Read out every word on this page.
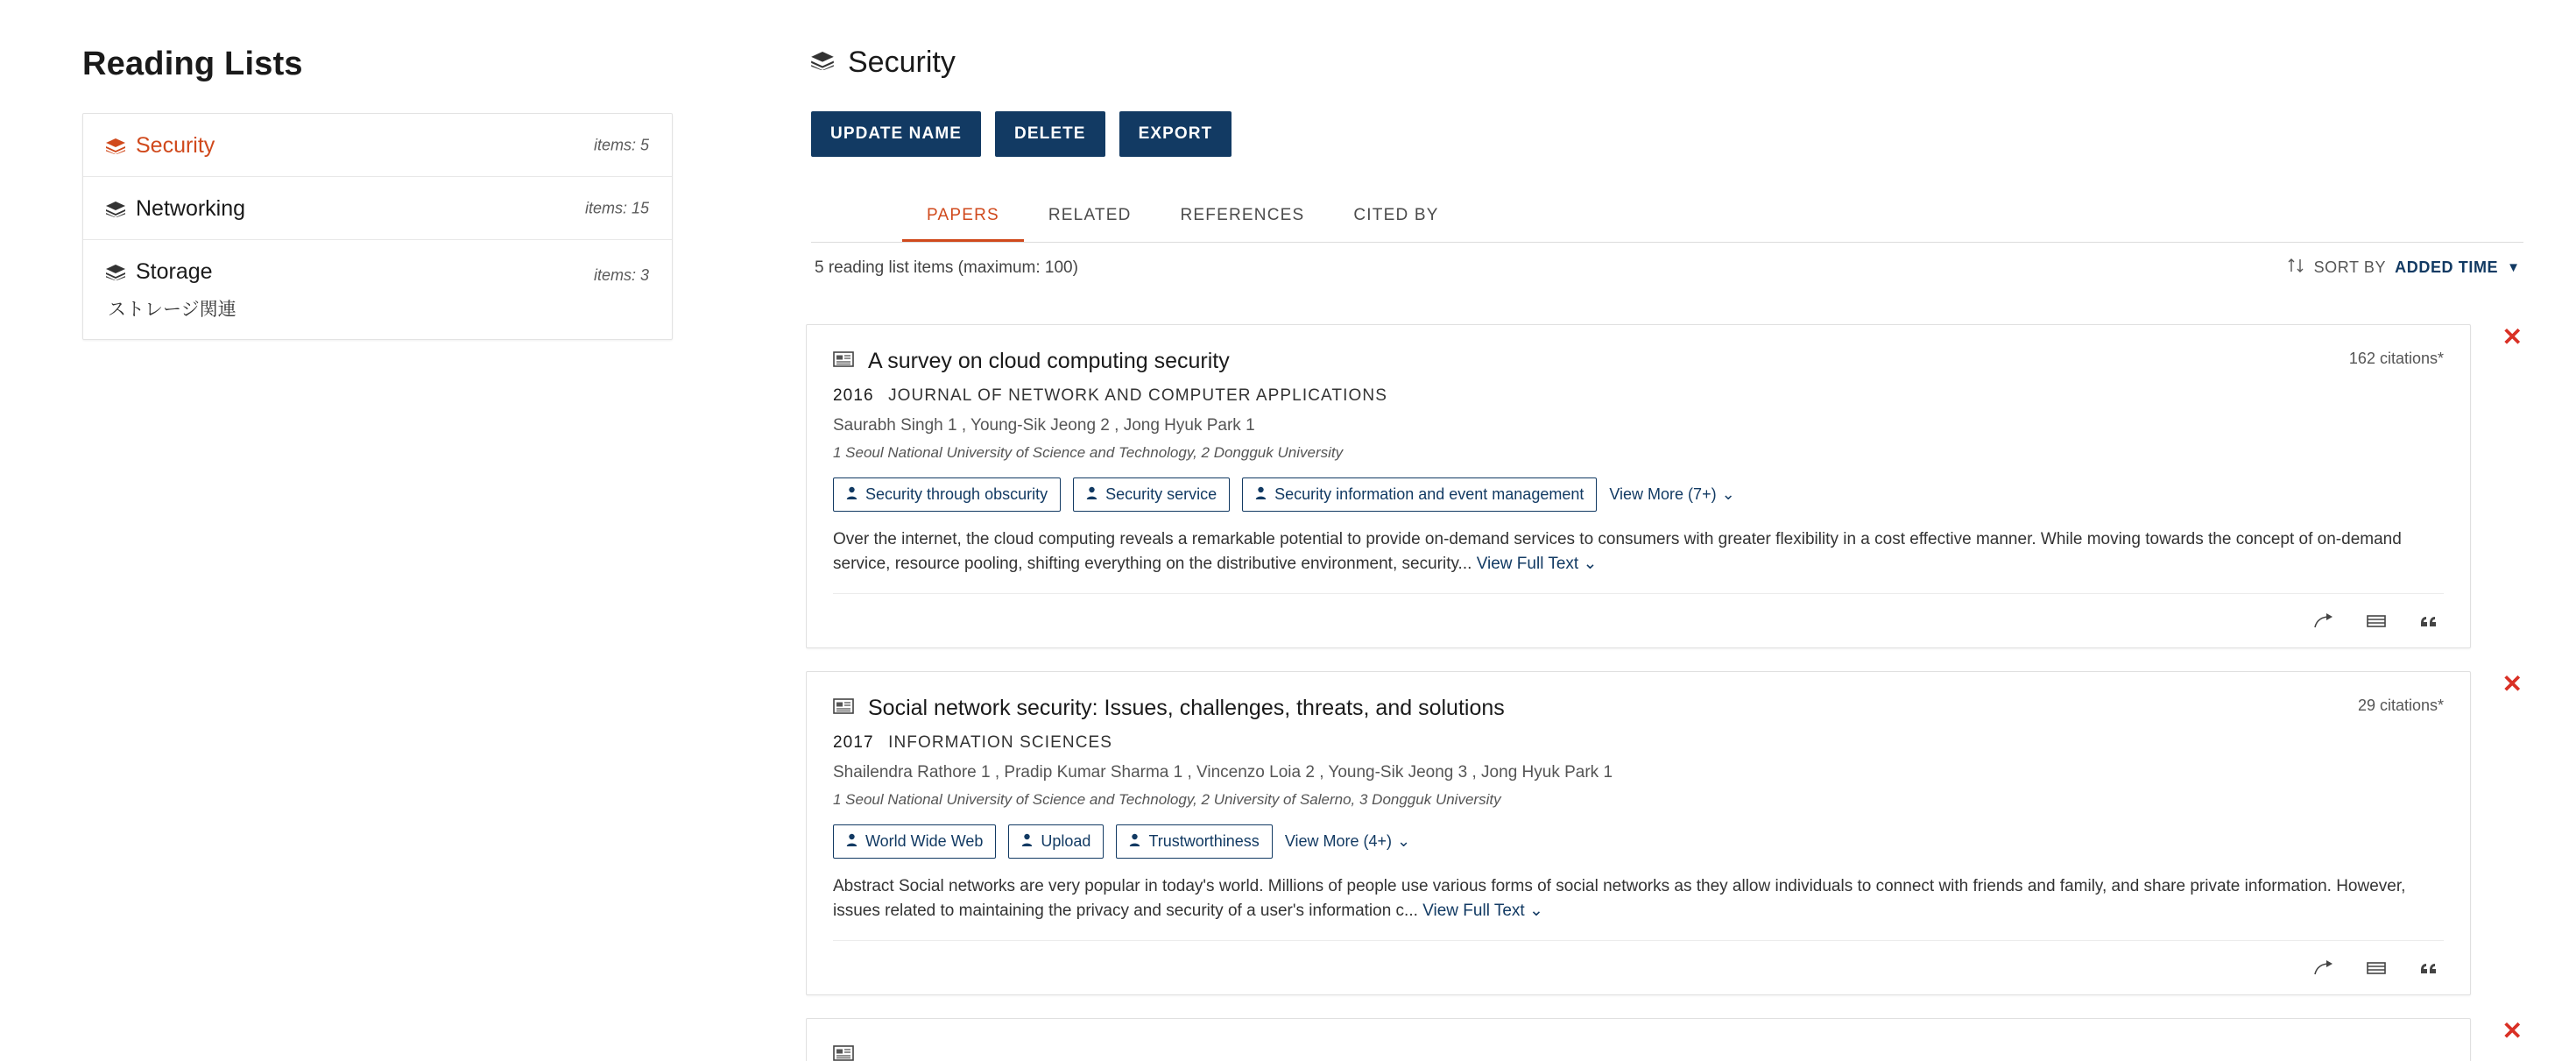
Reading Lists
Security	items: 5
Networking	items: 15
Storage	items: 3
ストレージ関連
Security
UPDATE NAME	DELETE	EXPORT
PAPERS	RELATED	REFERENCES	CITED BY
5 reading list items (maximum: 100)	SORT BY ADDED TIME ▼
✕
162 citations*
A survey on cloud computing security
2016 JOURNAL OF NETWORK AND COMPUTER APPLICATIONS
Saurabh Singh 1 , Young-Sik Jeong 2 , Jong Hyuk Park 1
1 Seoul National University of Science and Technology, 2 Dongguk University
Security through obscurity	Security service	Security information and event management View More (7+) ⌄
Over the internet, the cloud computing reveals a remarkable potential to provide on-demand services to consumers with greater flexibility in a cost effective manner. While moving towards the concept of on-demand service, resource pooling, shifting everything on the distributive environment, security... View Full Text ⌄
✕
29 citations*
Social network security: Issues, challenges, threats, and solutions
2017 INFORMATION SCIENCES
Shailendra Rathore 1 , Pradip Kumar Sharma 1 , Vincenzo Loia 2 , Young-Sik Jeong 3 , Jong Hyuk Park 1
1 Seoul National University of Science and Technology, 2 University of Salerno, 3 Dongguk University
World Wide Web	Upload	Trustworthiness View More (4+) ⌄
Abstract Social networks are very popular in today's world. Millions of people use various forms of social networks as they allow individuals to connect with friends and family, and share private information. However, issues related to maintaining the privacy and security of a user's information c... View Full Text ⌄
✕
